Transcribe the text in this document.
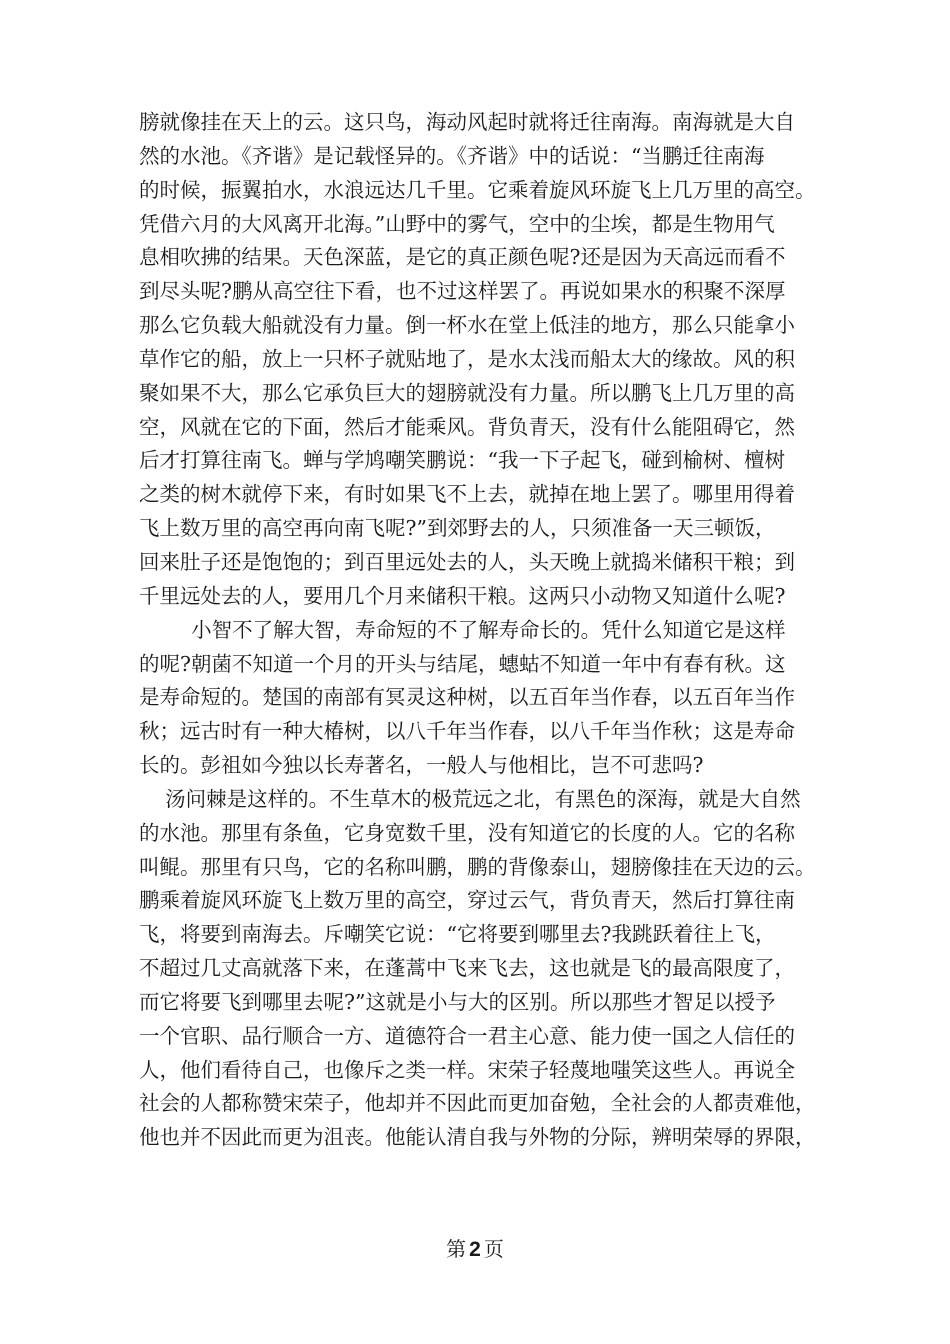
膀就像挂在天上的云。这只鸟，海动风起时就将迁往南海。南海就是大自
然的水池。《齐谐》是记载怪异的。《齐谐》中的话说：“当鹏迁往南海
的时候，振翼拍水，水浪远达几千里。它乘着旋风环旋飞上几万里的高空。
凭借六月的大风离开北海。”山野中的雾气，空中的尘埃，都是生物用气
息相吹拂的结果。天色深蓝，是它的真正颜色呢?还是因为天高远而看不
到尽头呢?鹏从高空往下看，也不过这样罢了。再说如果水的积聚不深厚
那么它负载大船就没有力量。倒一杯水在堂上低洼的地方，那么只能拿小
草作它的船，放上一只杯子就贴地了，是水太浅而船太大的缘故。风的积
聚如果不大，那么它承负巨大的翅膀就没有力量。所以鹏飞上几万里的高
空，风就在它的下面，然后才能乘风。背负青天，没有什么能阻碍它，然
后才打算往南飞。蝉与学鸠嘲笑鹏说：“我一下子起飞，碰到榆树、檀树
之类的树木就停下来，有时如果飞不上去，就掉在地上罢了。哪里用得着
飞上数万里的高空再向南飞呢?”到郊野去的人，只须准备一天三顿饭，
回来肚子还是饱饱的；到百里远处去的人，头天晚上就捣米储积干粮；到
千里远处去的人，要用几个月来储积干粮。这两只小动物又知道什么呢?
小智不了解大智，寿命短的不了解寿命长的。凭什么知道它是这样
的呢?朝菌不知道一个月的开头与结尾，蟪蛄不知道一年中有春有秋。这
是寿命短的。楚国的南部有冥灵这种树，以五百年当作春，以五百年当作
秋；远古时有一种大椿树，以八千年当作春，以八千年当作秋；这是寿命
长的。彭祖如今独以长寿著名，一般人与他相比，岂不可悲吗?
汤问棘是这样的。不生草木的极荒远之北，有黑色的深海，就是大自然
的水池。那里有条鱼，它身宽数千里，没有知道它的长度的人。它的名称
叫鲲。那里有只鸟，它的名称叫鹏，鹏的背像泰山，翅膀像挂在天边的云。
鹏乘着旋风环旋飞上数万里的高空，穿过云气，背负青天，然后打算往南
飞，将要到南海去。斥嘲笑它说：“它将要到哪里去?我跳跃着往上飞，
不超过几丈高就落下来，在蓬蒿中飞来飞去，这也就是飞的最高限度了，
而它将要飞到哪里去呢?”这就是小与大的区别。所以那些才智足以授予
一个官职、品行顺合一方、道德符合一君主心意、能力使一国之人信任的
人，他们看待自己，也像斥之类一样。宋荣子轻蔑地嗤笑这些人。再说全
社会的人都称赞宋荣子，他却并不因此而更加奋勉，全社会的人都责难他，
他也并不因此而更为沮丧。他能认清自我与外物的分际，辨明荣辱的界限，
第 2 页
